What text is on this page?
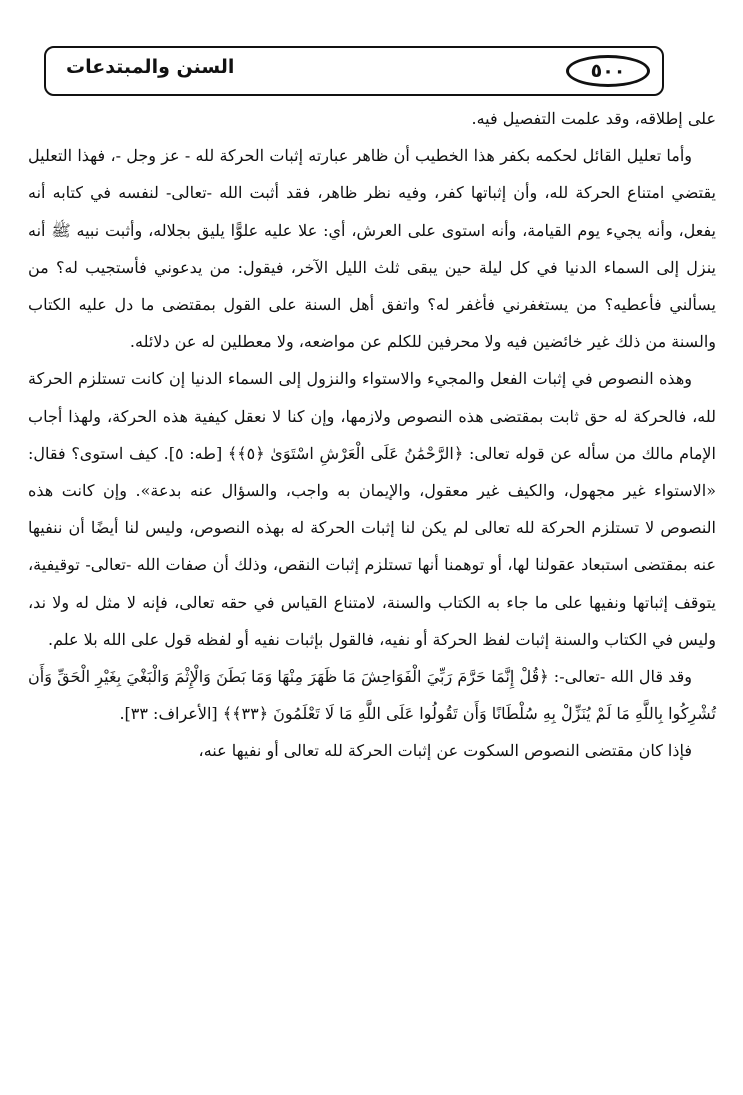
٥٠٠
السنن والمبتدعات

على إطلاقه، وقد علمت التفصيل فيه.

وأما تعليل القائل لحكمه بكفر هذا الخطيب أن ظاهر عبارته إثبات الحركة لله - عز وجل -، فهذا التعليل يقتضي امتناع الحركة لله، وأن إثباتها كفر، وفيه نظر ظاهر، فقد أثبت الله -تعالى- لنفسه في كتابه أنه يفعل، وأنه يجيء يوم القيامة، وأنه استوى على العرش، أي: علا عليه علوًّا يليق بجلاله، وأثبت نبيه ﷺ أنه ينزل إلى السماء الدنيا في كل ليلة حين يبقى ثلث الليل الآخر، فيقول: من يدعوني فأستجيب له؟ من يسألني فأعطيه؟ من يستغفرني فأغفر له؟ واتفق أهل السنة على القول بمقتضى ما دل عليه الكتاب والسنة من ذلك غير خائضين فيه ولا محرفين للكلم عن مواضعه، ولا معطلين له عن دلائله.

وهذه النصوص في إثبات الفعل والمجيء والاستواء والنزول إلى السماء الدنيا إن كانت تستلزم الحركة لله، فالحركة له حق ثابت بمقتضى هذه النصوص ولازمها، وإن كنا لا نعقل كيفية هذه الحركة، ولهذا أجاب الإمام مالك من سأله عن قوله تعالى: ﴿الرَّحْمَٰنُ عَلَى الْعَرْشِ اسْتَوَىٰ ﴿٥﴾﴾ [طه: ٥]. كيف استوى؟ فقال: «الاستواء غير مجهول، والكيف غير معقول، والإيمان به واجب، والسؤال عنه بدعة». وإن كانت هذه النصوص لا تستلزم الحركة لله تعالى لم يكن لنا إثبات الحركة له بهذه النصوص، وليس لنا أيضًا أن ننفيها عنه بمقتضى استبعاد عقولنا لها، أو توهمنا أنها تستلزم إثبات النقص، وذلك أن صفات الله -تعالى- توقيفية، يتوقف إثباتها ونفيها على ما جاء به الكتاب والسنة، لامتناع القياس في حقه تعالى، فإنه لا مثل له ولا ند، وليس في الكتاب والسنة إثبات لفظ الحركة أو نفيه، فالقول بإثبات نفيه أو لفظه قول على الله بلا علم.

وقد قال الله -تعالى-: ﴿قُلْ إِنَّمَا حَرَّمَ رَبِّيَ الْفَوَاحِشَ مَا ظَهَرَ مِنْهَا وَمَا بَطَنَ وَالْإِثْمَ وَالْبَغْيَ بِغَيْرِ الْحَقِّ وَأَن تُشْرِكُوا بِاللَّهِ مَا لَمْ يُنَزِّلْ بِهِ سُلْطَانًا وَأَن تَقُولُوا عَلَى اللَّهِ مَا لَا تَعْلَمُونَ ﴿٣٣﴾﴾ [الأعراف: ٣٣].

فإذا كان مقتضى النصوص السكوت عن إثبات الحركة لله تعالى أو نفيها عنه،
